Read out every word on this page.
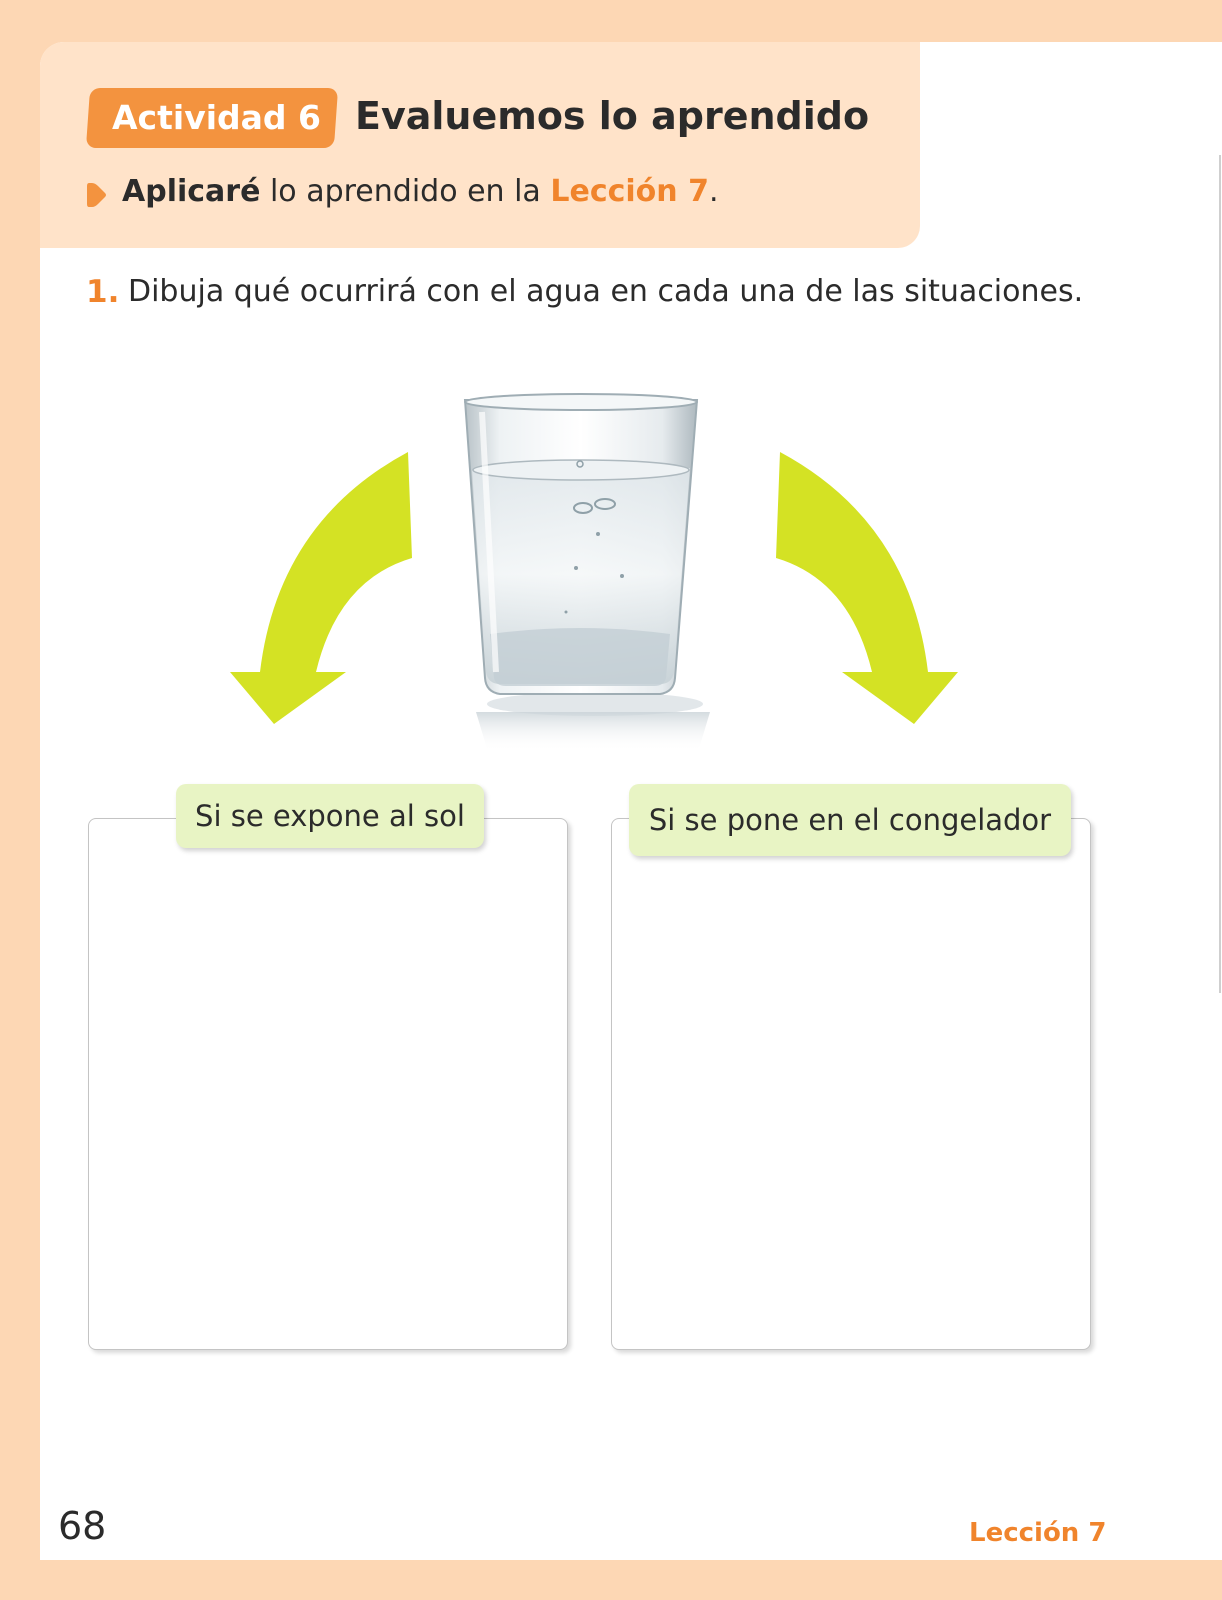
Actividad 6 Evaluemos lo aprendido
Aplicaré lo aprendido en la Lección 7.
1. Dibuja qué ocurrirá con el agua en cada una de las situaciones.
Si se expone al sol	Si se pone en el congelador
68	Lección 7
